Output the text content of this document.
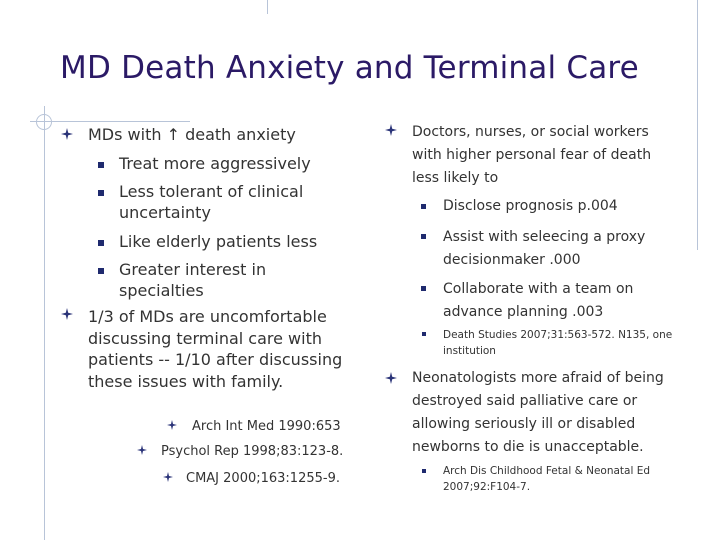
MD Death Anxiety and Terminal Care
MDs with ↑ death anxiety
Treat more aggressively
Less tolerant of clinical uncertainty
Like elderly patients less
Greater interest in specialties
1/3 of MDs are uncomfortable discussing terminal care with patients -- 1/10 after discussing these issues with family.
Arch Int Med 1990:653
Psychol Rep 1998;83:123-8.
CMAJ 2000;163:1255-9.
Doctors, nurses, or social workers with higher personal fear of death less likely to
Disclose prognosis p.004
Assist with seleecing a proxy decisionmaker .000
Collaborate with a team on advance planning .003
Death Studies 2007;31:563-572. N135, one institution
Neonatologists more afraid of being destroyed said palliative care or allowing seriously ill or disabled newborns to die is unacceptable.
Arch Dis Childhood Fetal & Neonatal Ed 2007;92:F104-7.
